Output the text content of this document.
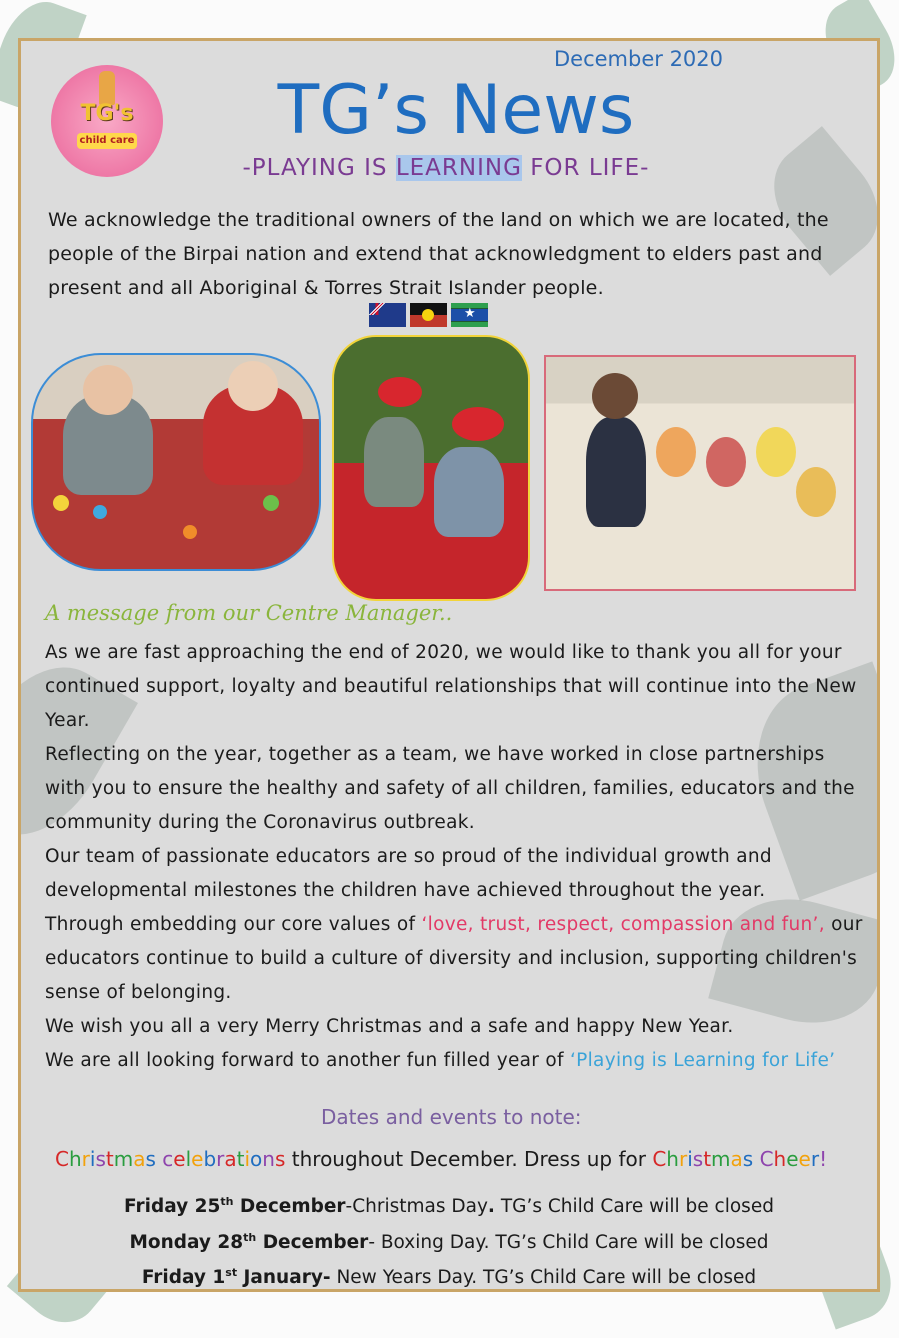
TG's
child care
December 2020
TG’s News
-PLAYING IS LEARNING FOR LIFE-
We acknowledge the traditional owners of the land on which we are located, the people of the Birpai nation and extend that acknowledgment to elders past and present and all Aboriginal & Torres Strait Islander people.
★
A message from our Centre Manager..

As we are fast approaching the end of 2020, we would like to thank you all for your continued support, loyalty and beautiful relationships that will continue into the New Year.

Reflecting on the year, together as a team, we have worked in close partnerships with you to ensure the healthy and safety of all children, families, educators and the community during the Coronavirus outbreak.

Our team of passionate educators are so proud of the individual growth and developmental milestones the children have achieved throughout the year.

Through embedding our core values of ‘love, trust, respect, compassion and fun’, our educators continue to build a culture of diversity and inclusion, supporting children's sense of belonging.

We wish you all a very Merry Christmas and a safe and happy New Year.

We are all looking forward to another fun filled year of ‘Playing is Learning for Life’

Dates and events to note:
Christmas celebrations throughout December. Dress up for Christmas Cheer!
Friday 25th December-Christmas Day. TG’s Child Care will be closed
Monday 28th December- Boxing Day. TG’s Child Care will be closed
Friday 1st January- New Years Day. TG’s Child Care will be closed
